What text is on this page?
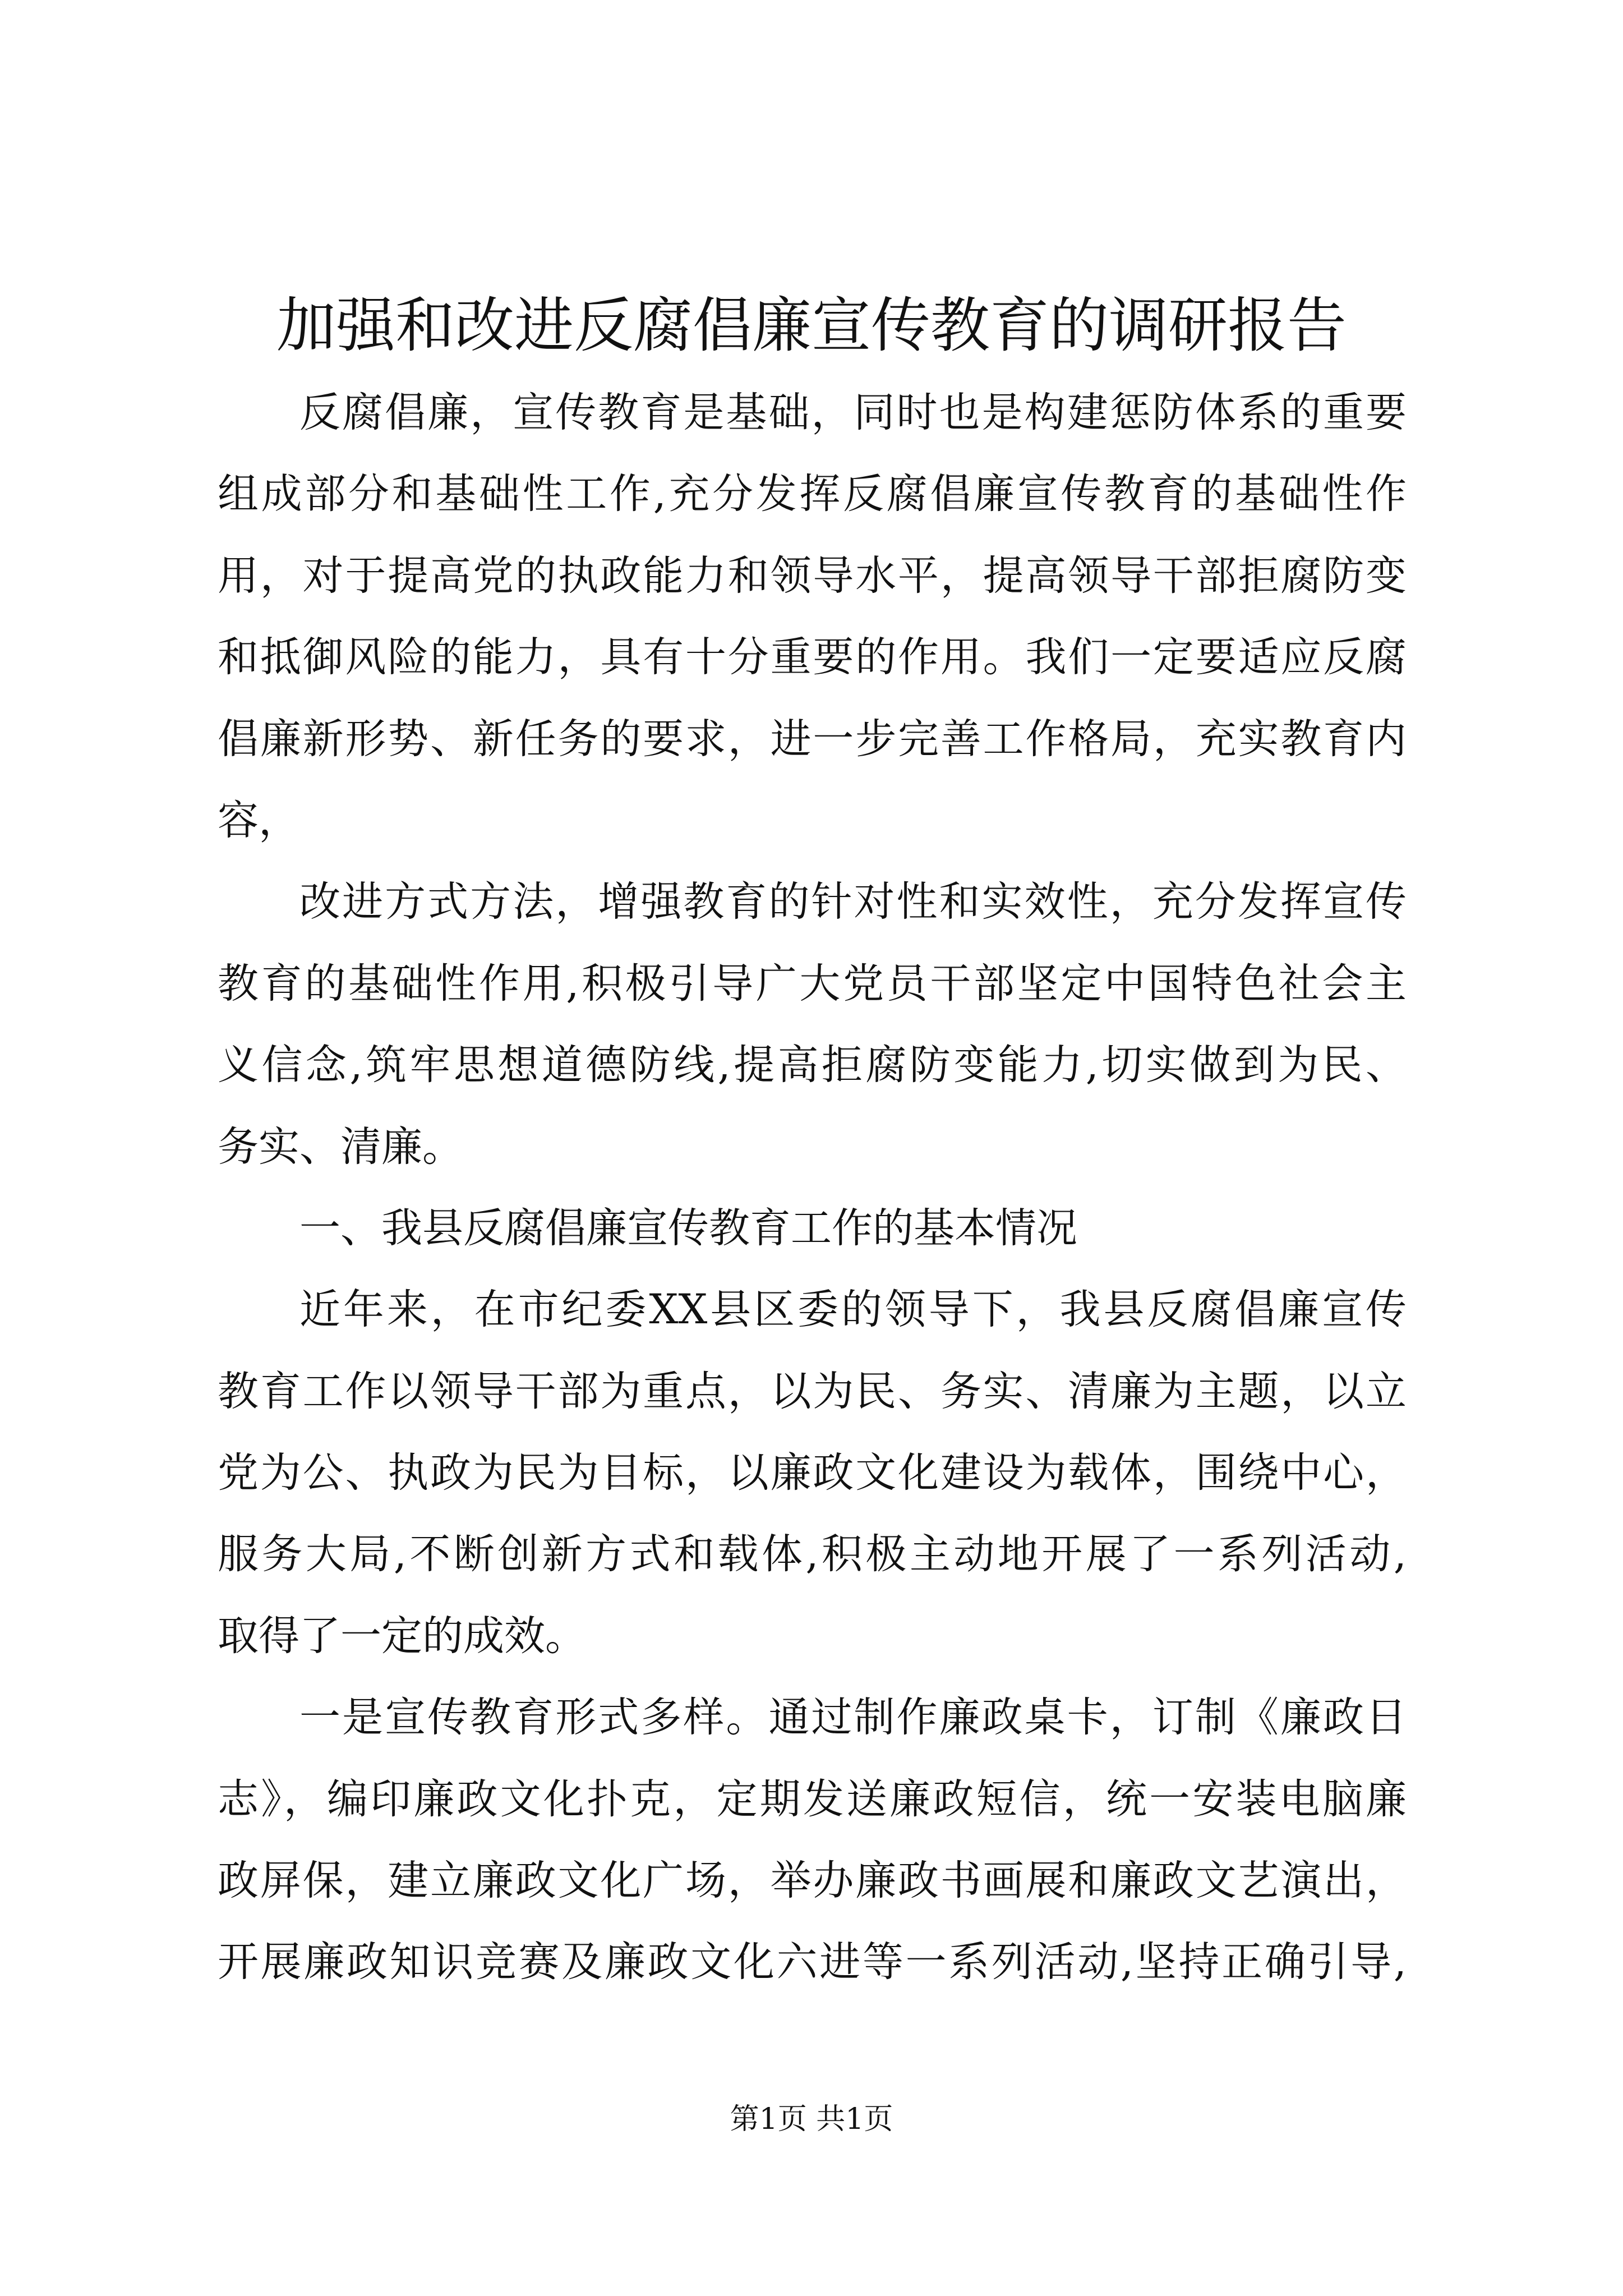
加强和改进反腐倡廉宣传教育的调研报告
反腐倡廉，宣传教育是基础，同时也是构建惩防体系的重要
组成部分和基础性工作,充分发挥反腐倡廉宣传教育的基础性作
用，对于提高党的执政能力和领导水平，提高领导干部拒腐防变
和抵御风险的能力，具有十分重要的作用。我们一定要适应反腐
倡廉新形势、新任务的要求，进一步完善工作格局，充实教育内
容，
改进方式方法，增强教育的针对性和实效性，充分发挥宣传
教育的基础性作用,积极引导广大党员干部坚定中国特色社会主
义信念,筑牢思想道德防线,提高拒腐防变能力,切实做到为民、
务实、清廉。
一、我县反腐倡廉宣传教育工作的基本情况
近年来，在市纪委XX县区委的领导下，我县反腐倡廉宣传
教育工作以领导干部为重点，以为民、务实、清廉为主题，以立
党为公、执政为民为目标，以廉政文化建设为载体，围绕中心，
服务大局,不断创新方式和载体,积极主动地开展了一系列活动,
取得了一定的成效。
一是宣传教育形式多样。通过制作廉政桌卡，订制《廉政日
志》，编印廉政文化扑克，定期发送廉政短信，统一安装电脑廉
政屏保，建立廉政文化广场，举办廉政书画展和廉政文艺演出，
开展廉政知识竞赛及廉政文化六进等一系列活动,坚持正确引导,
第1页 共1页
